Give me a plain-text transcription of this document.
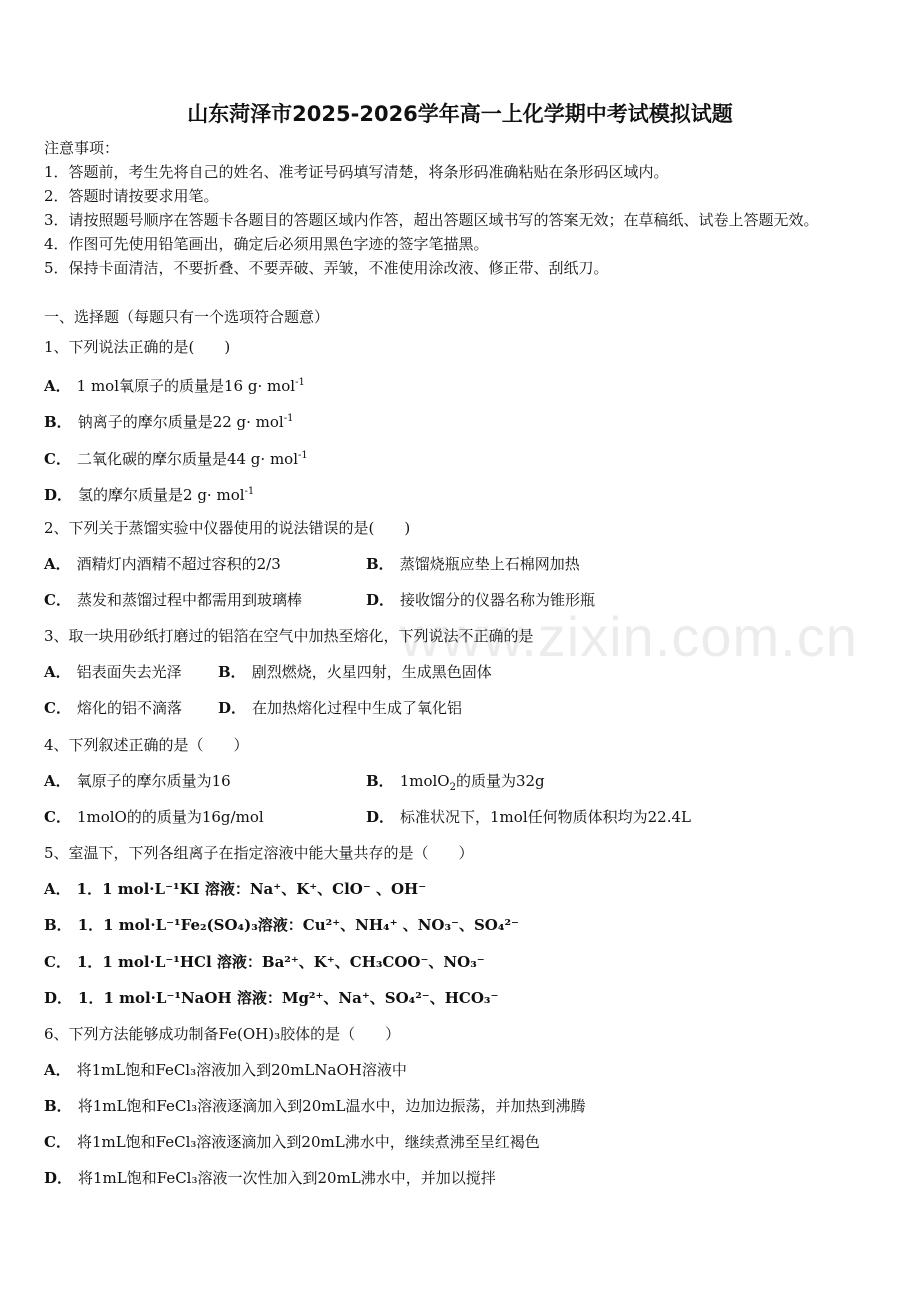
山东菏泽市2025-2026学年高一上化学期中考试模拟试题
注意事项：
1．答题前，考生先将自己的姓名、准考证号码填写清楚，将条形码准确粘贴在条形码区域内。
2．答题时请按要求用笔。
3．请按照题号顺序在答题卡各题目的答题区域内作答，超出答题区域书写的答案无效；在草稿纸、试卷上答题无效。
4．作图可先使用铅笔画出，确定后必须用黑色字迹的签字笔描黑。
5．保持卡面清洁，不要折叠、不要弄破、弄皱，不准使用涂改液、修正带、刮纸刀。
一、选择题（每题只有一个选项符合题意）
www.zixin.com.cn
1、下列说法正确的是(　　)
A． 1 mol氧原子的质量是16 g· mol$^{-1}$
B． 钠离子的摩尔质量是22 g· mol$^{-1}$
C． 二氧化碳的摩尔质量是44 g· mol$^{-1}$
D． 氢的摩尔质量是2 g· mol$^{-1}$
2、下列关于蒸馏实验中仪器使用的说法错误的是(　　)
A． 酒精灯内酒精不超过容积的2/3	B． 蒸馏烧瓶应垫上石棉网加热
C． 蒸发和蒸馏过程中都需用到玻璃棒	D． 接收馏分的仪器名称为锥形瓶
3、取一块用砂纸打磨过的铝箔在空气中加热至熔化，下列说法不正确的是
A． 铝表面失去光泽 B． 剧烈燃烧，火星四射，生成黑色固体
C． 熔化的铝不滴落 D． 在加热熔化过程中生成了氧化铝
4、下列叙述正确的是（　　）
A． 氧原子的摩尔质量为16	B． 1molO$_2$的质量为32g
C． 1molO的的质量为16g/mol	D． 标准状况下，1mol任何物质体积均为22.4L
5、室温下，下列各组离子在指定溶液中能大量共存的是（　　）
A． 1．1 mol·L⁻¹KI 溶液：Na⁺、K⁺、ClO⁻ 、OH⁻
B． 1．1 mol·L⁻¹Fe₂(SO₄)₃溶液：Cu²⁺、NH₄⁺ 、NO₃⁻、SO₄²⁻
C． 1．1 mol·L⁻¹HCl 溶液：Ba²⁺、K⁺、CH₃COO⁻、NO₃⁻
D． 1．1 mol·L⁻¹NaOH 溶液：Mg²⁺、Na⁺、SO₄²⁻、HCO₃⁻
6、下列方法能够成功制备Fe(OH)₃胶体的是（　　）
A． 将1mL饱和FeCl₃溶液加入到20mLNaOH溶液中
B． 将1mL饱和FeCl₃溶液逐滴加入到20mL温水中，边加边振荡，并加热到沸腾
C． 将1mL饱和FeCl₃溶液逐滴加入到20mL沸水中，继续煮沸至呈红褐色
D． 将1mL饱和FeCl₃溶液一次性加入到20mL沸水中，并加以搅拌
